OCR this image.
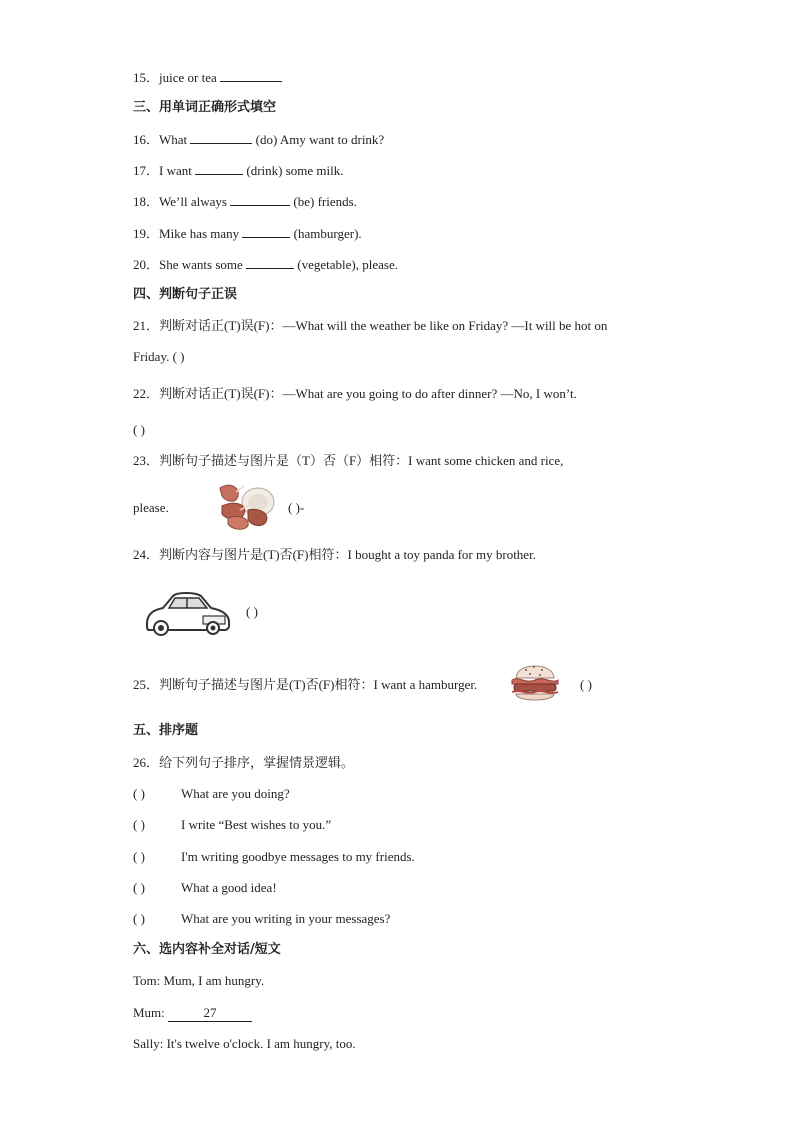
15．juice or tea
三、用单词正确形式填空
16．What	(do) Amy want to drink?
17．I want	(drink) some milk.
18．We’ll always	(be) friends.
19．Mike has many	(hamburger).
20．She wants some	(vegetable), please.
四、判断句子正误
21．判断对话正(T)误(F)：—What will the weather be like on Friday? —It will be hot on
Friday. ( )
22．判断对话正(T)误(F)：—What are you going to do after dinner? —No, I won’t.
( )
23．判断句子描述与图片是（T）否（F）相符：I want some chicken and rice,
please.	( )-
24．判断内容与图片是(T)否(F)相符：I bought a toy panda for my brother.
( )
25．判断句子描述与图片是(T)否(F)相符：I want a hamburger.	( )
五、排序题
26．给下列句子排序，掌握情景逻辑。
( )	What are you doing?
( )	I write “Best wishes to you.”
( )	I'm writing goodbye messages to my friends.
( )	What a good idea!
( )	What are you writing in your messages?
六、选内容补全对话/短文
Tom: Mum, I am hungry.
Mum:	27
Sally: It's twelve o'clock. I am hungry, too.
